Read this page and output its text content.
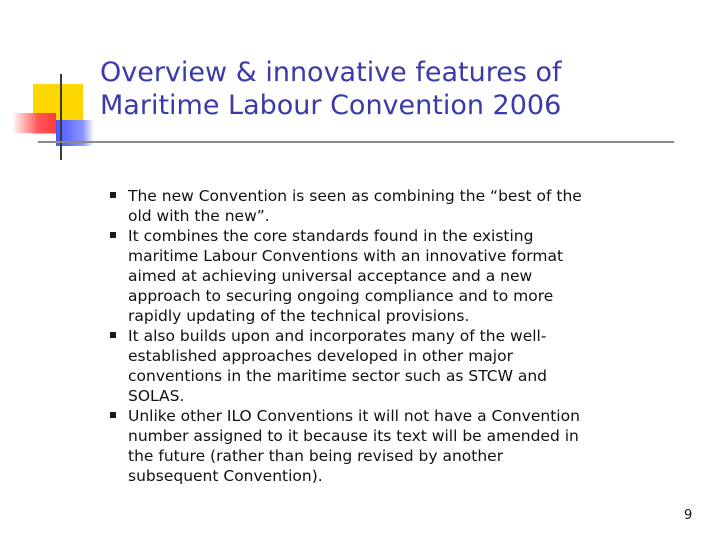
Overview & innovative features of
Maritime Labour Convention 2006
The new Convention is seen as combining the “best of the
old with the new”.
It combines the core standards found in the existing
maritime Labour Conventions with an innovative format
aimed at achieving universal acceptance and a new
approach to securing ongoing compliance and to more
rapidly updating of the technical provisions.
It also builds upon and incorporates many of the well-
established approaches developed in other major
conventions in the maritime sector such as STCW and
SOLAS.
Unlike other ILO Conventions it will not have a Convention
number assigned to it because its text will be amended in
the future (rather than being revised by another
subsequent Convention).
9
